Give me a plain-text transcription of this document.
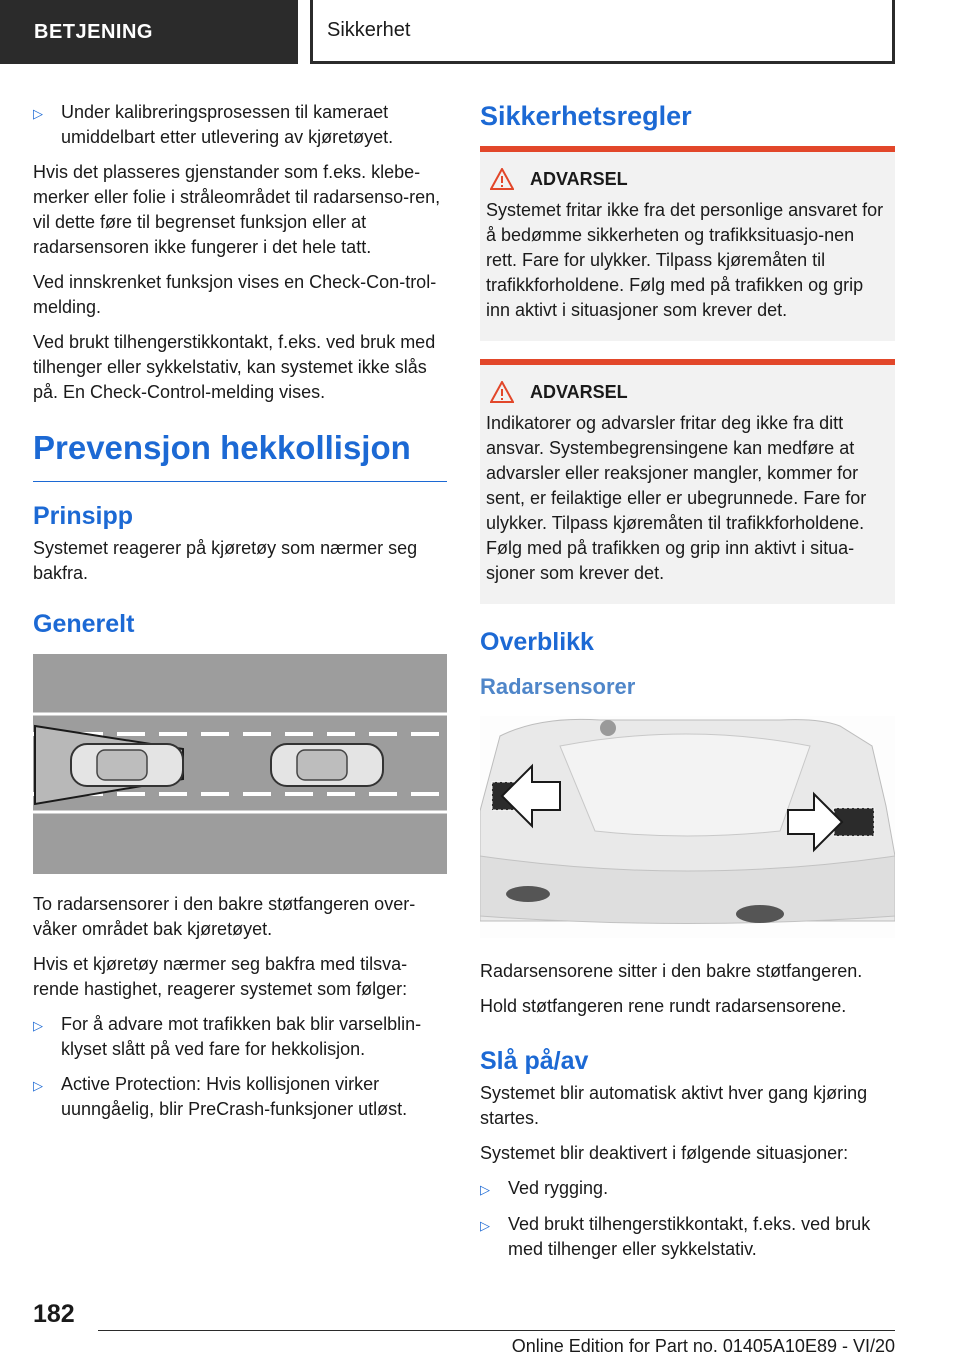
BETJENING	Sikkerhet
▷	Under kalibreringsprosessen til kameraet umiddelbart etter utlevering av kjøretøyet.

Hvis det plasseres gjenstander som f.eks. klebe-merker eller folie i stråleområdet til radarsenso-ren, vil dette føre til begrenset funksjon eller at radarsensoren ikke fungerer i det hele tatt.

Ved innskrenket funksjon vises en Check-Con-trol-melding.

Ved brukt tilhengerstikkontakt, f.eks. ved bruk med tilhenger eller sykkelstativ, kan systemet ikke slås på. En Check-Control-melding vises.

Prevensjon hekkollisjon
Prinsipp

Systemet reagerer på kjøretøy som nærmer seg bakfra.

Generelt

To radarsensorer i den bakre støtfangeren over-våker området bak kjøretøyet.

Hvis et kjøretøy nærmer seg bakfra med tilsva-rende hastighet, reagerer systemet som følger:

▷	For å advare mot trafikken bak blir varselblin-klyset slått på ved fare for hekkolisjon.
▷	Active Protection: Hvis kollisjonen virker uunngåelig, blir PreCrash-funksjoner utløst.
Sikkerhetsregler
ADVARSEL

Systemet fritar ikke fra det personlige ansvaret for å bedømme sikkerheten og trafikksituasjo-nen rett. Fare for ulykker. Tilpass kjøremåten til trafikkforholdene. Følg med på trafikken og grip inn aktivt i situasjoner som krever det.

ADVARSEL

Indikatorer og advarsler fritar deg ikke fra ditt ansvar. Systembegrensingene kan medføre at advarsler eller reaksjoner mangler, kommer for sent, er feilaktige eller er ubegrunnede. Fare for ulykker. Tilpass kjøremåten til trafikkforholdene. Følg med på trafikken og grip inn aktivt i situa-sjoner som krever det.

Overblikk
Radarsensorer

Radarsensorene sitter i den bakre støtfangeren.

Hold støtfangeren rene rundt radarsensorene.

Slå på/av

Systemet blir automatisk aktivt hver gang kjøring startes.

Systemet blir deaktivert i følgende situasjoner:

▷	Ved rygging.
▷	Ved brukt tilhengerstikkontakt, f.eks. ved bruk med tilhenger eller sykkelstativ.
182
Online Edition for Part no. 01405A10E89 - VI/20
